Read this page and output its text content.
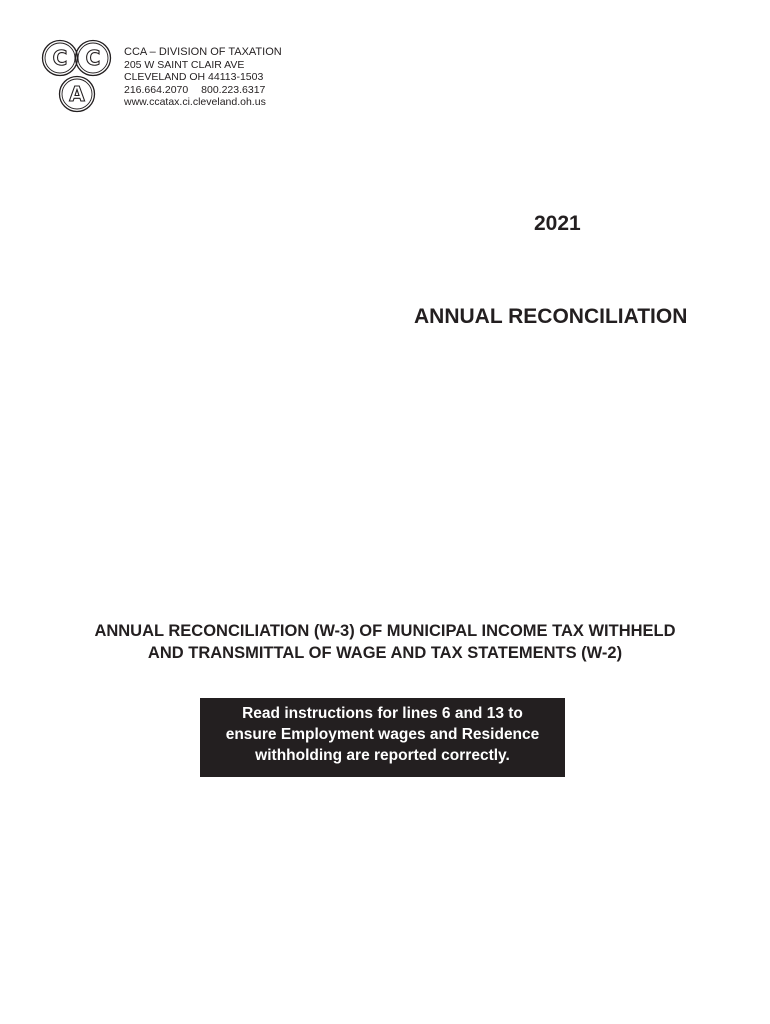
C C
A
CCA – DIVISION OF TAXATION
205 W SAINT CLAIR AVE
CLEVELAND OH 44113-1503
216.664.2070 800.223.6317
www.ccatax.ci.cleveland.oh.us
2021
ANNUAL RECONCILIATION
ANNUAL RECONCILIATION (W-3) OF MUNICIPAL INCOME TAX WITHHELD
AND TRANSMITTAL OF WAGE AND TAX STATEMENTS (W-2)
Read instructions for lines 6 and 13 to
ensure Employment wages and Residence
withholding are reported correctly.
